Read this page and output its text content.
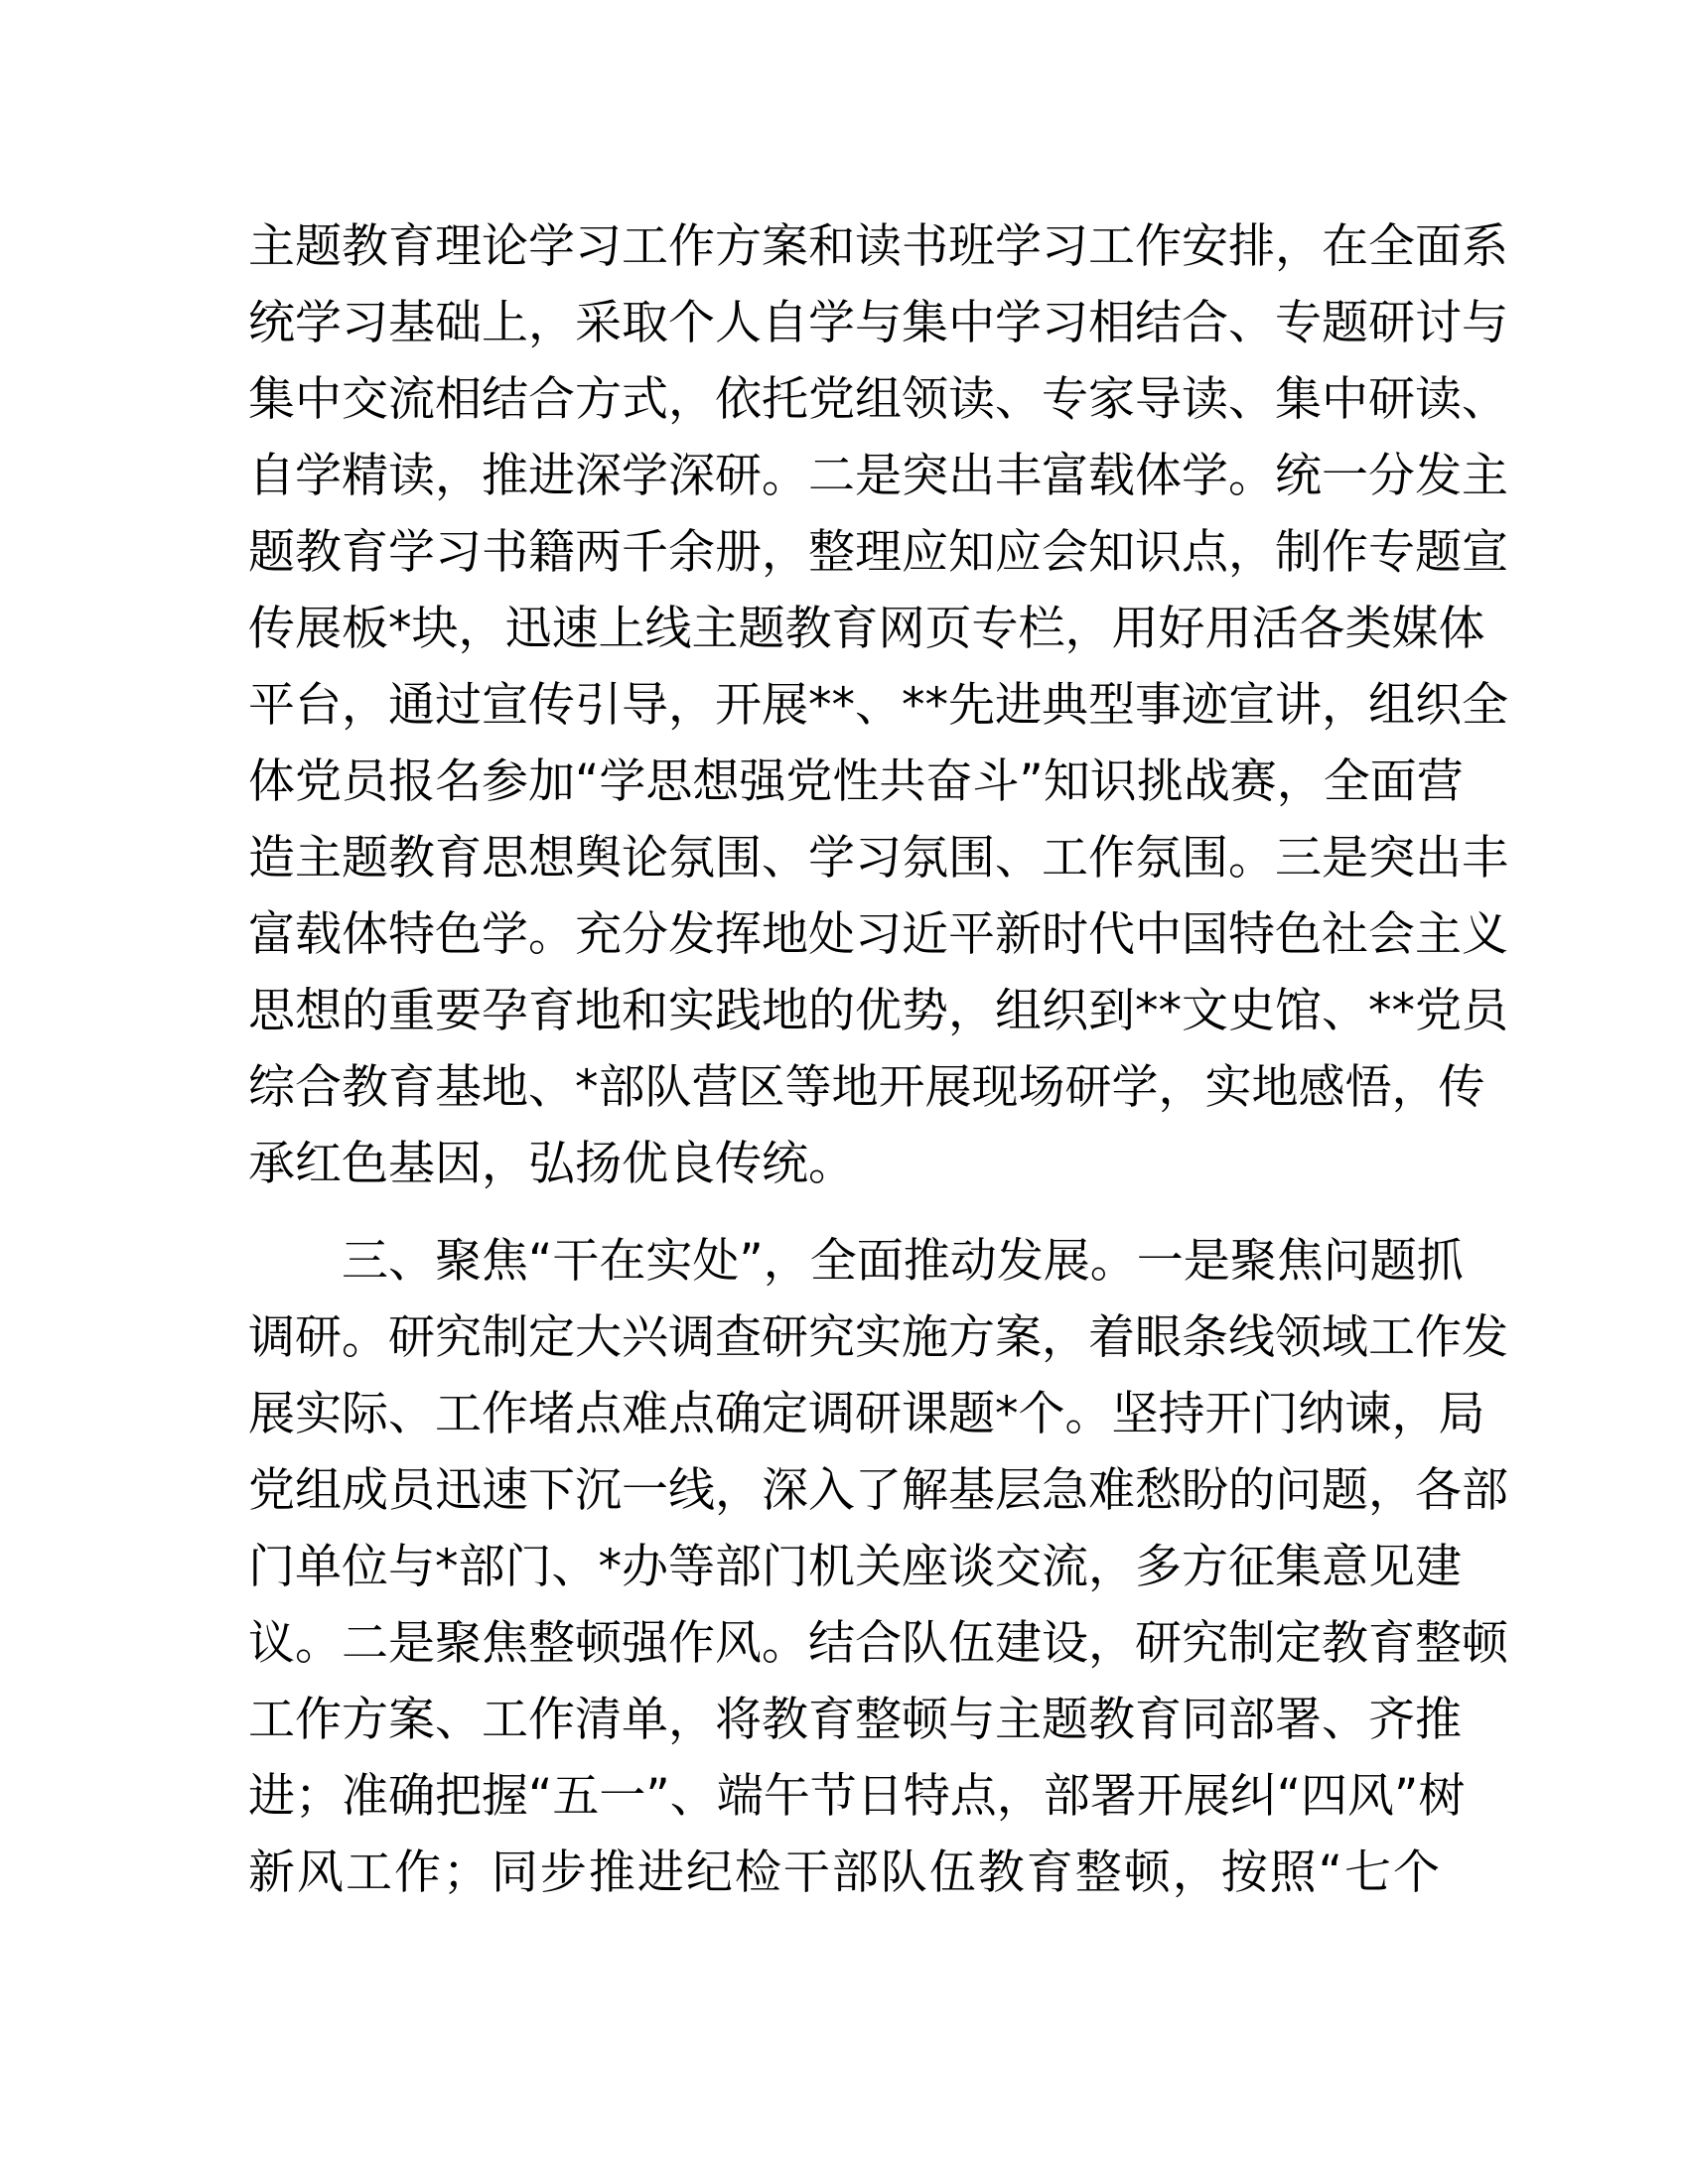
主题教育理论学习工作方案和读书班学习工作安排，在全面系
统学习基础上，采取个人自学与集中学习相结合、专题研讨与
集中交流相结合方式，依托党组领读、专家导读、集中研读、
自学精读，推进深学深研。二是突出丰富载体学。统一分发主
题教育学习书籍两千余册，整理应知应会知识点，制作专题宣
传展板*块，迅速上线主题教育网页专栏，用好用活各类媒体
平台，通过宣传引导，开展**、**先进典型事迹宣讲，组织全
体党员报名参加“学思想强党性共奋斗”知识挑战赛，全面营
造主题教育思想舆论氛围、学习氛围、工作氛围。三是突出丰
富载体特色学。充分发挥地处习近平新时代中国特色社会主义
思想的重要孕育地和实践地的优势，组织到**文史馆、**党员
综合教育基地、*部队营区等地开展现场研学，实地感悟，传
承红色基因，弘扬优良传统。
三、聚焦“干在实处”，全面推动发展。一是聚焦问题抓
调研。研究制定大兴调查研究实施方案，着眼条线领域工作发
展实际、工作堵点难点确定调研课题*个。坚持开门纳谏，局
党组成员迅速下沉一线，深入了解基层急难愁盼的问题，各部
门单位与*部门、*办等部门机关座谈交流，多方征集意见建
议。二是聚焦整顿强作风。结合队伍建设，研究制定教育整顿
工作方案、工作清单，将教育整顿与主题教育同部署、齐推
进；准确把握“五一”、端午节日特点，部署开展纠“四风”树
新风工作；同步推进纪检干部队伍教育整顿，按照“七个
